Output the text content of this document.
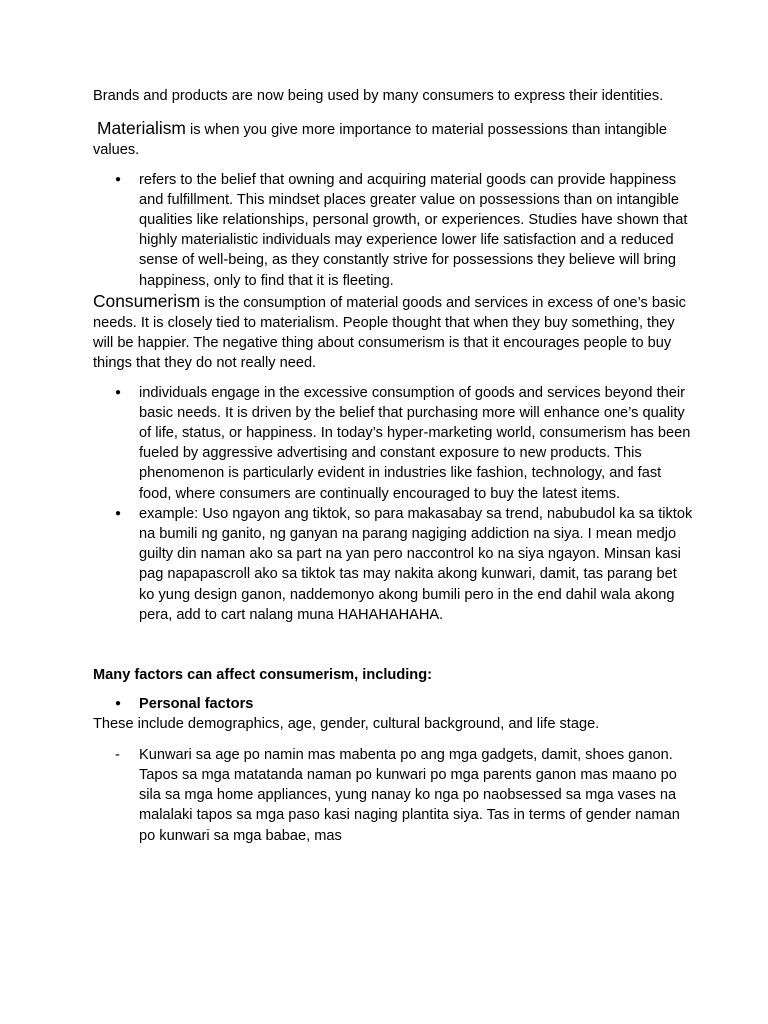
Brands and products are now being used by many consumers to express their identities.

Materialism is when you give more importance to material possessions than intangible values.

● refers to the belief that owning and acquiring material goods can provide happiness and fulfillment. This mindset places greater value on possessions than on intangible qualities like relationships, personal growth, or experiences. Studies have shown that highly materialistic individuals may experience lower life satisfaction and a reduced sense of well-being, as they constantly strive for possessions they believe will bring happiness, only to find that it is fleeting.

Consumerism is the consumption of material goods and services in excess of one’s basic needs. It is closely tied to materialism. People thought that when they buy something, they will be happier. The negative thing about consumerism is that it encourages people to buy things that they do not really need.

● individuals engage in the excessive consumption of goods and services beyond their basic needs. It is driven by the belief that purchasing more will enhance one’s quality of life, status, or happiness. In today’s hyper-marketing world, consumerism has been fueled by aggressive advertising and constant exposure to new products. This phenomenon is particularly evident in industries like fashion, technology, and fast food, where consumers are continually encouraged to buy the latest items.
● example: Uso ngayon ang tiktok, so para makasabay sa trend, nabubudol ka sa tiktok na bumili ng ganito, ng ganyan na parang nagiging addiction na siya. I mean medjo guilty din naman ako sa part na yan pero naccontrol ko na siya ngayon. Minsan kasi pag napapascroll ako sa tiktok tas may nakita akong kunwari, damit, tas parang bet ko yung design ganon, naddemonyo akong bumili pero in the end dahil wala akong pera, add to cart nalang muna HAHAHAHAHA.

Many factors can affect consumerism, including:

● Personal factors

These include demographics, age, gender, cultural background, and life stage.

- Kunwari sa age po namin mas mabenta po ang mga gadgets, damit, shoes ganon. Tapos sa mga matatanda naman po kunwari po mga parents ganon mas maano po sila sa mga home appliances, yung nanay ko nga po naobsessed sa mga vases na malalaki tapos sa mga paso kasi naging plantita siya. Tas in terms of gender naman po kunwari sa mga babae, mas
